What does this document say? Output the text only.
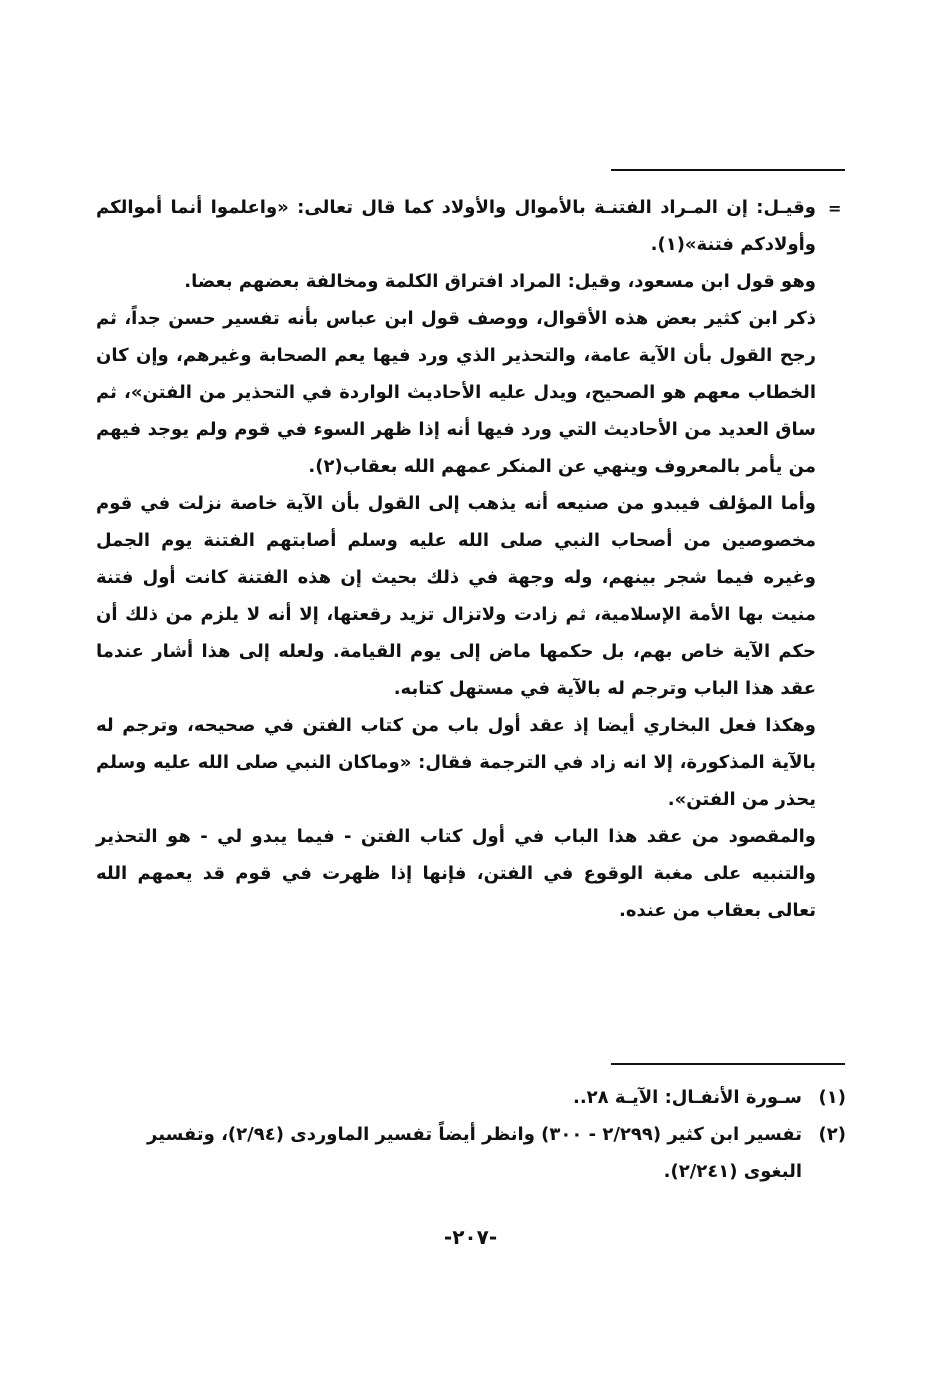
=

وقيـل: إن المـراد الفتنـة بالأموال والأولاد كما قال تعالى: «واعلموا أنما أموالكم وأولادكم فتنة»(١).

وهو قول ابن مسعود، وقيل: المراد افتراق الكلمة ومخالفة بعضهم بعضا.

ذكر ابن كثير بعض هذه الأقوال، ووصف قول ابن عباس بأنه تفسير حسن جداً، ثم رجح القول بأن الآية عامة، والتحذير الذي ورد فيها يعم الصحابة وغيرهم، وإن كان الخطاب معهم هو الصحيح، ويدل عليه الأحاديث الواردة في التحذير من الفتن»، ثم ساق العديد من الأحاديث التي ورد فيها أنه إذا ظهر السوء في قوم ولم يوجد فيهم من يأمر بالمعروف وينهي عن المنكر عمهم الله بعقاب(٢).

وأما المؤلف فيبدو من صنيعه أنه يذهب إلى القول بأن الآية خاصة نزلت في قوم مخصوصين من أصحاب النبي صلى الله عليه وسلم أصابتهم الفتنة يوم الجمل وغيره فيما شجر بينهم، وله وجهة في ذلك بحيث إن هذه الفتنة كانت أول فتنة منيت بها الأمة الإسلامية، ثم زادت ولاتزال تزيد رقعتها، إلا أنه لا يلزم من ذلك أن حكم الآية خاص بهم، بل حكمها ماض إلى يوم القيامة. ولعله إلى هذا أشار عندما عقد هذا الباب وترجم له بالآية في مستهل كتابه.

وهكذا فعل البخاري أيضا إذ عقد أول باب من كتاب الفتن في صحيحه، وترجم له بالآية المذكورة، إلا انه زاد في الترجمة فقال: «وماكان النبي صلى الله عليه وسلم يحذر من الفتن».

والمقصود من عقد هذا الباب في أول كتاب الفتن - فيما يبدو لي - هو التحذير والتنبيه على مغبة الوقوع في الفتن، فإنها إذا ظهرت في قوم قد يعمهم الله تعالى بعقاب من عنده.

(١)سـورة الأنفـال: الآيـة ٢٨..

(٢)تفسير ابن كثير (٢/٢٩٩ - ٣٠٠) وانظر أيضاً تفسير الماوردى (٢/٩٤)، وتفسير البغوى (٢/٢٤١).

-٢٠٧-
